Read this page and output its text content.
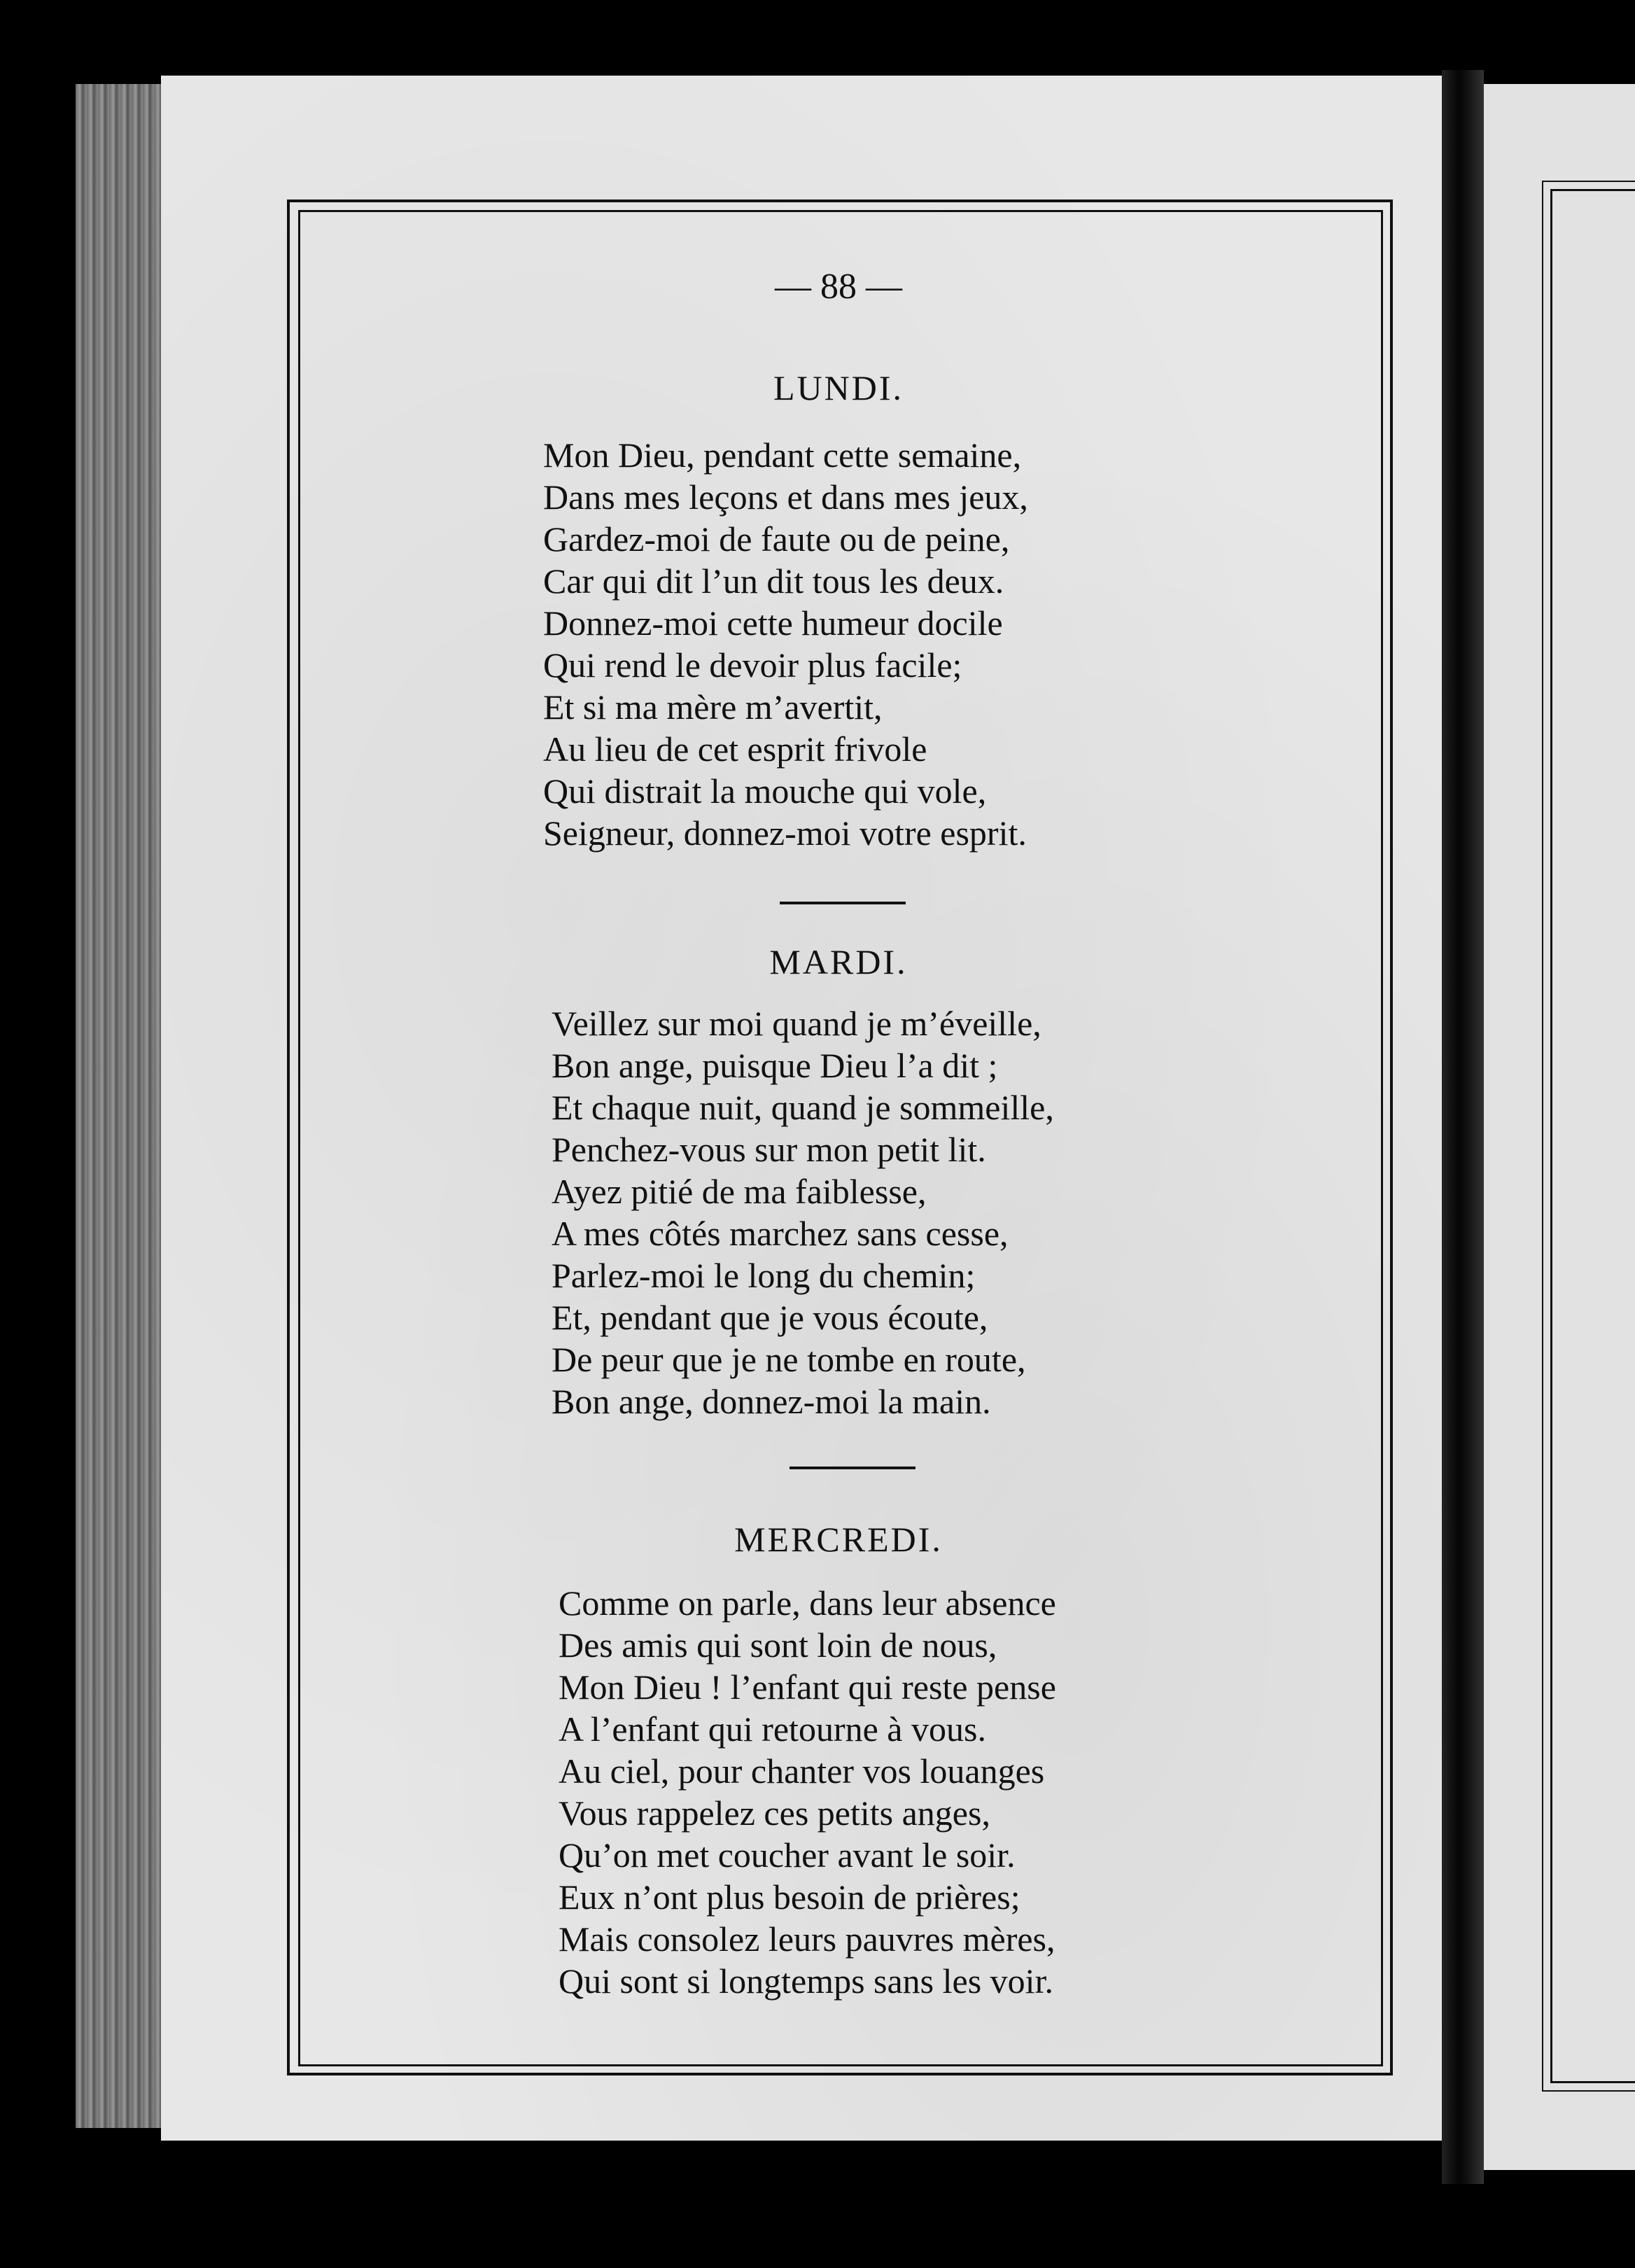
— 88 —
LUNDI.
Mon Dieu, pendant cette semaine,
Dans mes leçons et dans mes jeux,
Gardez-moi de faute ou de peine,
Car qui dit l’un dit tous les deux.
Donnez-moi cette humeur docile
Qui rend le devoir plus facile;
Et si ma mère m’avertit,
Au lieu de cet esprit frivole
Qui distrait la mouche qui vole,
Seigneur, donnez-moi votre esprit.
MARDI.
Veillez sur moi quand je m’éveille,
Bon ange, puisque Dieu l’a dit ;
Et chaque nuit, quand je sommeille,
Penchez-vous sur mon petit lit.
Ayez pitié de ma faiblesse,
A mes côtés marchez sans cesse,
Parlez-moi le long du chemin;
Et, pendant que je vous écoute,
De peur que je ne tombe en route,
Bon ange, donnez-moi la main.
MERCREDI.
Comme on parle, dans leur absence
Des amis qui sont loin de nous,
Mon Dieu ! l’enfant qui reste pense
A l’enfant qui retourne à vous.
Au ciel, pour chanter vos louanges
Vous rappelez ces petits anges,
Qu’on met coucher avant le soir.
Eux n’ont plus besoin de prières;
Mais consolez leurs pauvres mères,
Qui sont si longtemps sans les voir.
